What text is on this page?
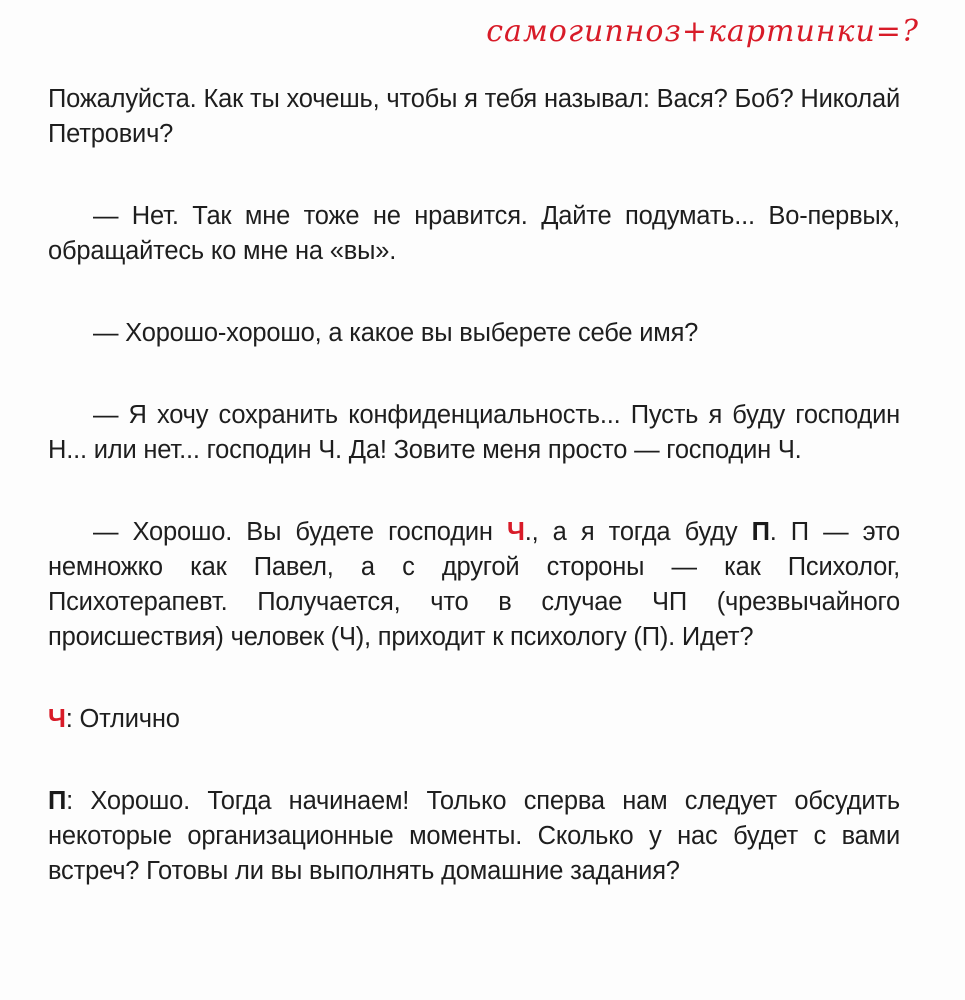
самогипноз+картинки=?

Пожалуйста. Как ты хочешь, чтобы я тебя называл: Вася? Боб? Николай Петрович?

— Нет. Так мне тоже не нравится. Дайте подумать... Во-первых, обращайтесь ко мне на «вы».

— Хорошо-хорошо, а какое вы выберете себе имя?

— Я хочу сохранить конфиденциальность... Пусть я буду господин Н... или нет... господин Ч. Да! Зовите меня просто — господин Ч.

— Хорошо. Вы будете господин Ч., а я тогда буду П. П — это немножко как Павел, а с другой стороны — как Психолог, Психотерапевт. Получается, что в случае ЧП (чрезвычайного происшествия) человек (Ч), приходит к психологу (П). Идет?

Ч: Отлично

П: Хорошо. Тогда начинаем! Только сперва нам следует обсудить некоторые организационные моменты. Сколько у нас будет с вами встреч? Готовы ли вы выполнять домашние задания?
